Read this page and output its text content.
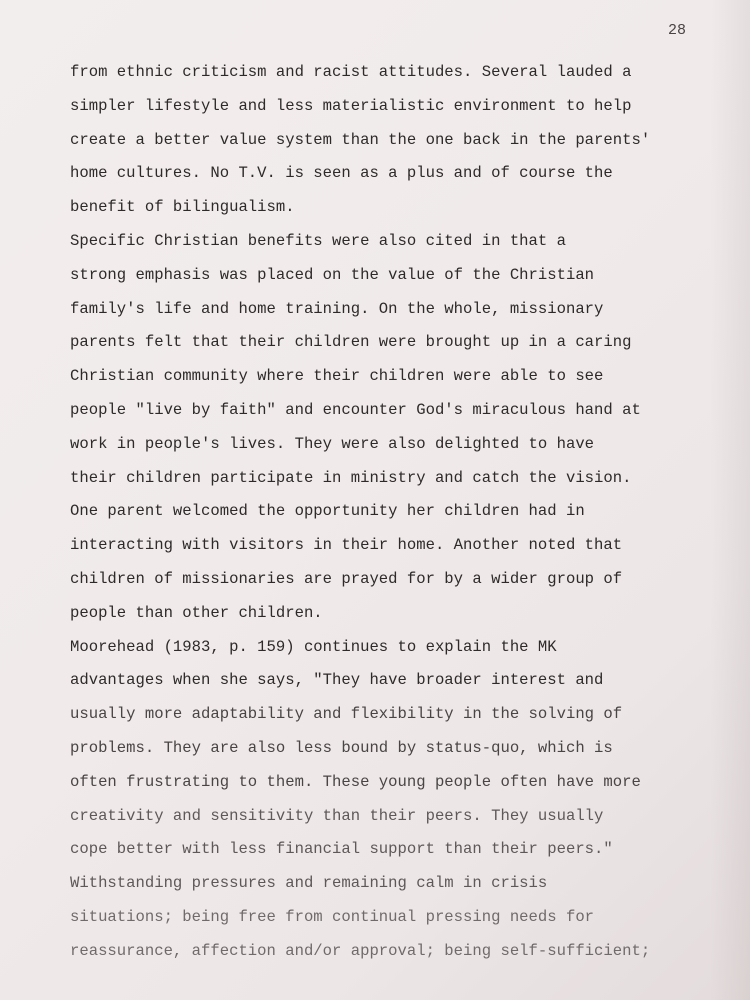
28
from ethnic criticism and racist attitudes. Several lauded a
simpler lifestyle and less materialistic environment to help
create a better value system than the one back in the parents'
home cultures. No T.V. is seen as a plus and of course the
benefit of bilingualism.
Specific Christian benefits were also cited in that a
strong emphasis was placed on the value of the Christian
family's life and home training. On the whole, missionary
parents felt that their children were brought up in a caring
Christian community where their children were able to see
people "live by faith" and encounter God's miraculous hand at
work in people's lives. They were also delighted to have
their children participate in ministry and catch the vision.
One parent welcomed the opportunity her children had in
interacting with visitors in their home. Another noted that
children of missionaries are prayed for by a wider group of
people than other children.
Moorehead (1983, p. 159) continues to explain the MK
advantages when she says, "They have broader interest and
usually more adaptability and flexibility in the solving of
problems. They are also less bound by status-quo, which is
often frustrating to them. These young people often have more
creativity and sensitivity than their peers. They usually
cope better with less financial support than their peers."
Withstanding pressures and remaining calm in crisis
situations; being free from continual pressing needs for
reassurance, affection and/or approval; being self-sufficient;
